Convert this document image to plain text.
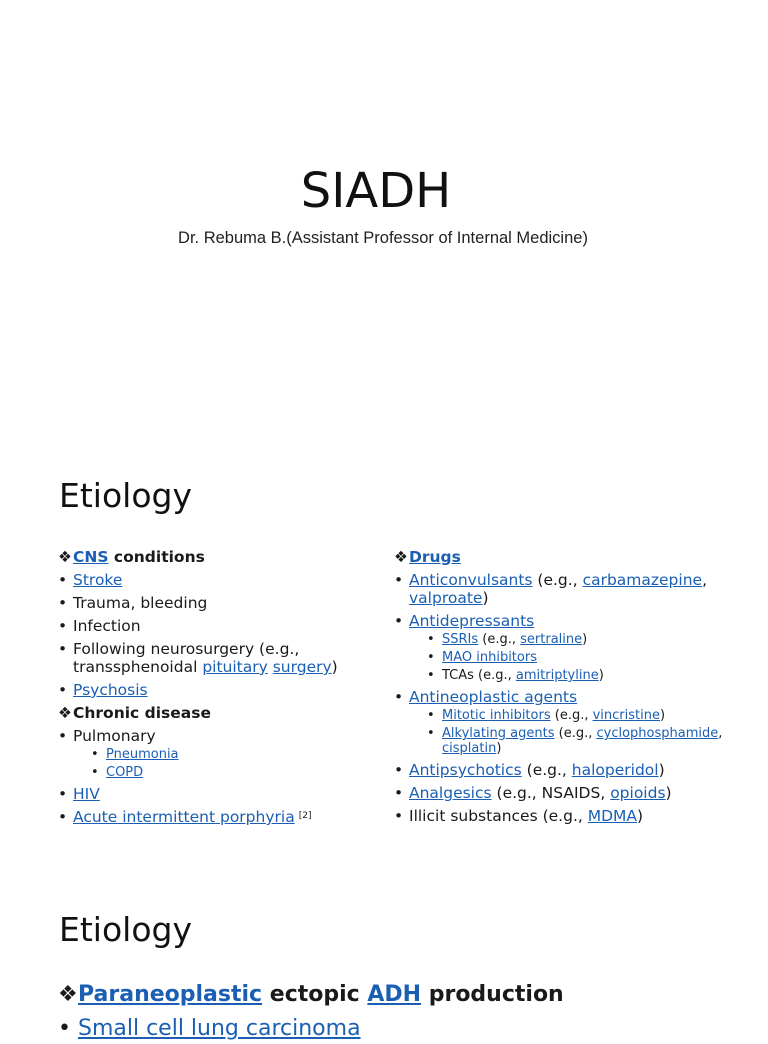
SIADH
Dr. Rebuma B.(Assistant Professor of Internal Medicine)
Etiology
❖ CNS conditions
• Stroke
• Trauma, bleeding
• Infection
• Following neurosurgery (e.g., transsphenoidal pituitary surgery)
• Psychosis
❖ Chronic disease
• Pulmonary
• Pneumonia
• COPD
• HIV
• Acute intermittent porphyria [2]
❖ Drugs
• Anticonvulsants (e.g., carbamazepine, valproate)
• Antidepressants
• SSRIs (e.g., sertraline)
• MAO inhibitors
• TCAs (e.g., amitriptyline)
• Antineoplastic agents
• Mitotic inhibitors (e.g., vincristine)
• Alkylating agents (e.g., cyclophosphamide, cisplatin)
• Antipsychotics (e.g., haloperidol)
• Analgesics (e.g., NSAIDS, opioids)
• Illicit substances (e.g., MDMA)
Etiology
❖Paraneoplastic ectopic ADH production
• Small cell lung carcinoma
